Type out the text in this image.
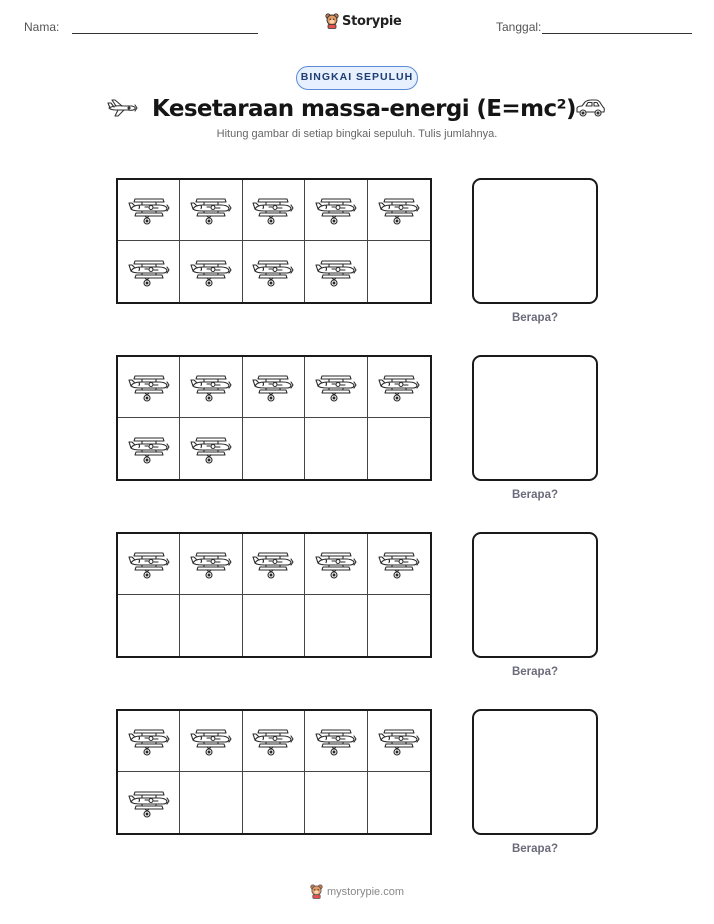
Nama:	Storypie	Tanggal:
BINGKAI SEPULUH
Kesetaraan massa-energi (E=mc²)
Hitung gambar di setiap bingkai sepuluh. Tulis jumlahnya.
Berapa?
Berapa?
Berapa?
Berapa?
mystorypie.com
